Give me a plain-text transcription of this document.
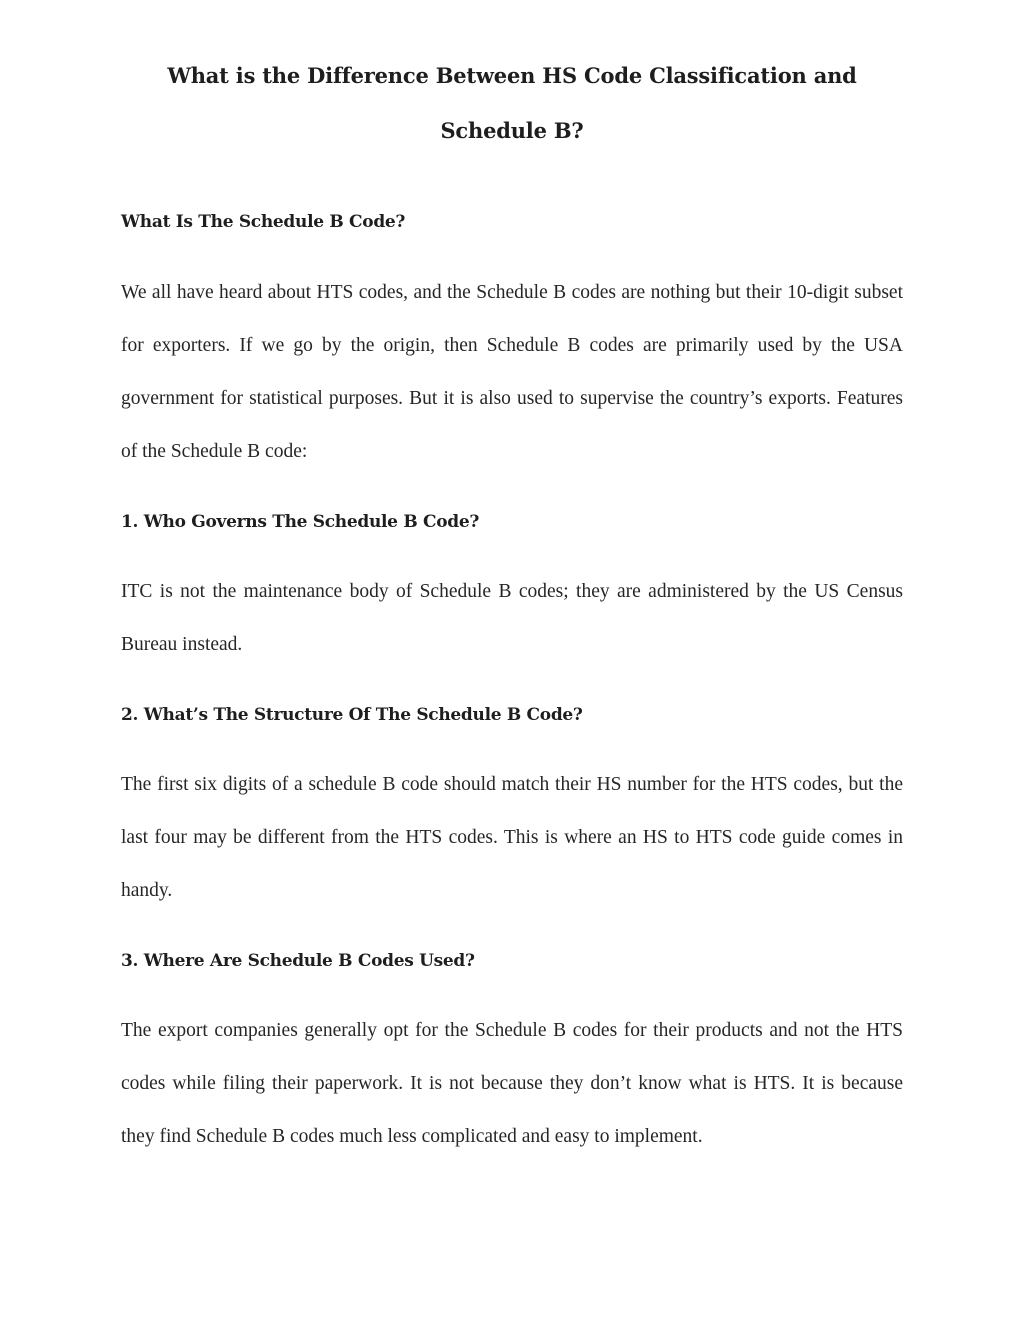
What is the Difference Between HS Code Classification and Schedule B?
What Is The Schedule B Code?

We all have heard about HTS codes, and the Schedule B codes are nothing but their 10-digit subset for exporters. If we go by the origin, then Schedule B codes are primarily used by the USA government for statistical purposes. But it is also used to supervise the country’s exports. Features of the Schedule B code:

1. Who Governs The Schedule B Code?

ITC is not the maintenance body of Schedule B codes; they are administered by the US Census Bureau instead.

2. What’s The Structure Of The Schedule B Code?

The first six digits of a schedule B code should match their HS number for the HTS codes, but the last four may be different from the HTS codes. This is where an HS to HTS code guide comes in handy.

3. Where Are Schedule B Codes Used?

The export companies generally opt for the Schedule B codes for their products and not the HTS codes while filing their paperwork. It is not because they don’t know what is HTS. It is because they find Schedule B codes much less complicated and easy to implement.
